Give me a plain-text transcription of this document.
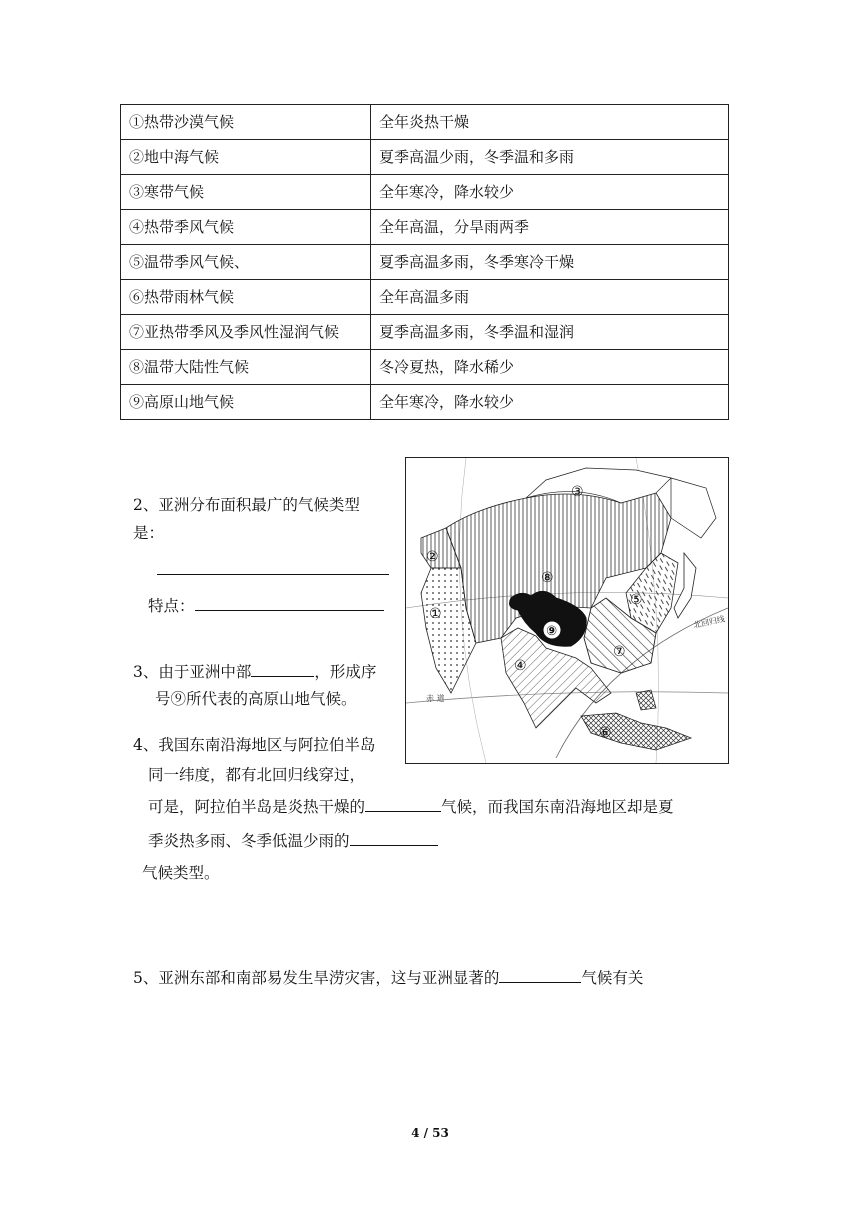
①热带沙漠气候	全年炎热干燥
②地中海气候	夏季高温少雨，冬季温和多雨
③寒带气候	全年寒冷，降水较少
④热带季风气候	全年高温，分旱雨两季
⑤温带季风气候、	夏季高温多雨，冬季寒冷干燥
⑥热带雨林气候	全年高温多雨
⑦亚热带季风及季风性湿润气候	夏季高温多雨，冬季温和湿润
⑧温带大陆性气候	冬冷夏热，降水稀少
⑨高原山地气候	全年寒冷，降水较少
2、亚洲分布面积最广的气候类型
是：
特点：
3、由于亚洲中部	，形成序
号⑨所代表的高原山地气候。
4、我国东南沿海地区与阿拉伯半岛
同一纬度，都有北回归线穿过，
可是，阿拉伯半岛是炎热干燥的	气候，而我国东南沿海地区却是夏
季炎热多雨、冬季低温少雨的
气候类型。
5、亚洲东部和南部易发生旱涝灾害，这与亚洲显著的	气候有关
②
①
③
④
⑤
⑥
⑦
⑧
⑨
北回归线
赤 道
4 / 53
